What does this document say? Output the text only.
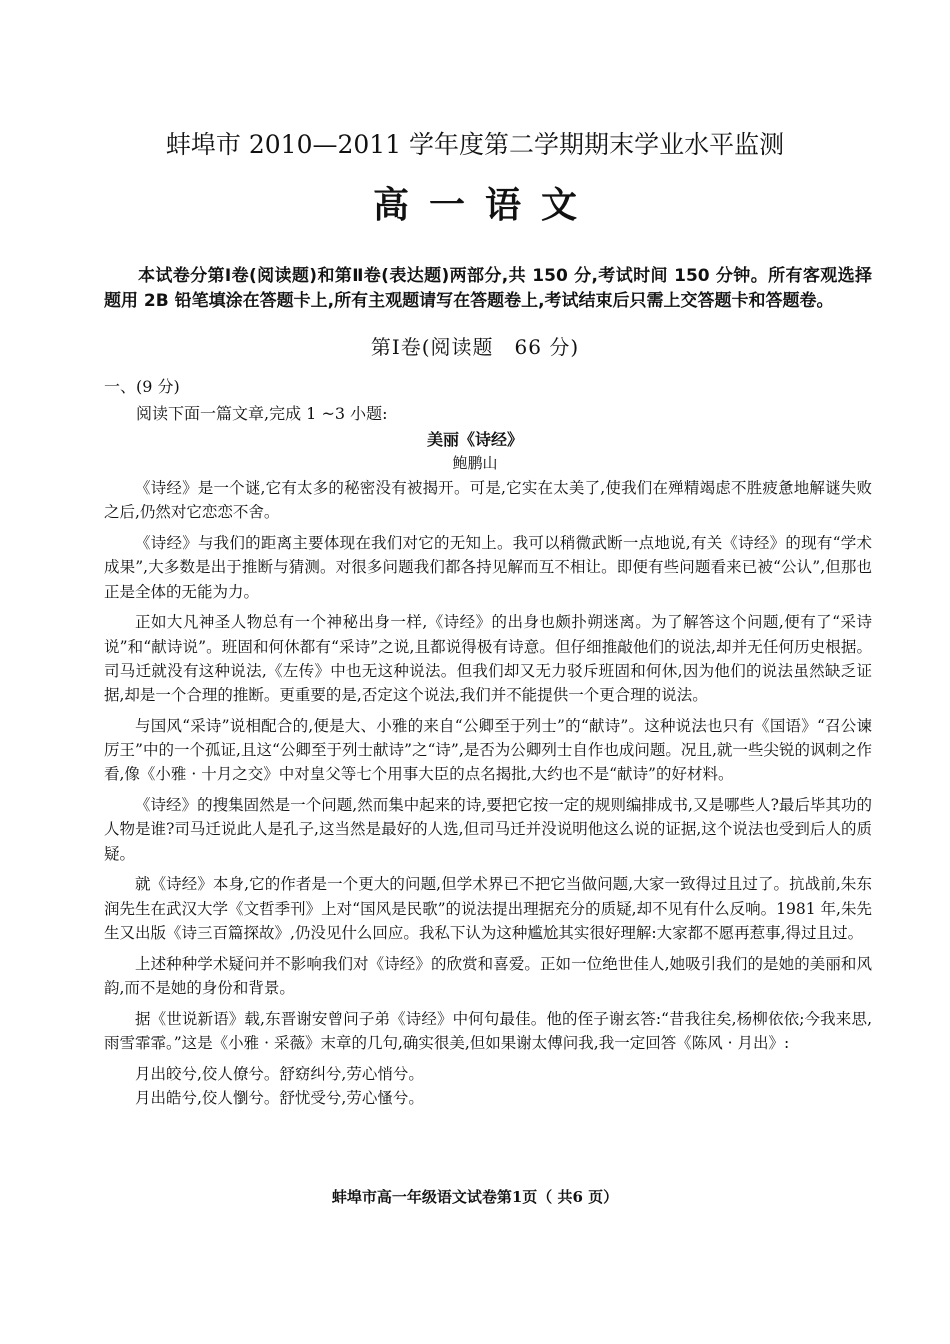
蚌埠市 2010—2011 学年度第二学期期末学业水平监测
高一语文

本试卷分第Ⅰ卷(阅读题)和第Ⅱ卷(表达题)两部分,共 150 分,考试时间 150 分钟。所有客观选择题用 2B 铅笔填涂在答题卡上,所有主观题请写在答题卷上,考试结束后只需上交答题卡和答题卷。

第Ⅰ卷(阅读题　66 分)

一、(9 分)

阅读下面一篇文章,完成 1 ~3 小题:

美丽《诗经》
鲍鹏山

《诗经》是一个谜,它有太多的秘密没有被揭开。可是,它实在太美了,使我们在殚精竭虑不胜疲惫地解谜失败之后,仍然对它恋恋不舍。

《诗经》与我们的距离主要体现在我们对它的无知上。我可以稍微武断一点地说,有关《诗经》的现有“学术成果”,大多数是出于推断与猜测。对很多问题我们都各持见解而互不相让。即便有些问题看来已被“公认”,但那也正是全体的无能为力。

正如大凡神圣人物总有一个神秘出身一样,《诗经》的出身也颇扑朔迷离。为了解答这个问题,便有了“采诗说”和“献诗说”。班固和何休都有“采诗”之说,且都说得极有诗意。但仔细推敲他们的说法,却并无任何历史根据。司马迁就没有这种说法,《左传》中也无这种说法。但我们却又无力驳斥班固和何休,因为他们的说法虽然缺乏证据,却是一个合理的推断。更重要的是,否定这个说法,我们并不能提供一个更合理的说法。

与国风“采诗”说相配合的,便是大、小雅的来自“公卿至于列士”的“献诗”。这种说法也只有《国语》“召公谏厉王”中的一个孤证,且这“公卿至于列士献诗”之“诗”,是否为公卿列士自作也成问题。况且,就一些尖锐的讽刺之作看,像《小雅 · 十月之交》中对皇父等七个用事大臣的点名揭批,大约也不是“献诗”的好材料。

《诗经》的搜集固然是一个问题,然而集中起来的诗,要把它按一定的规则编排成书,又是哪些人?最后毕其功的人物是谁?司马迁说此人是孔子,这当然是最好的人选,但司马迁并没说明他这么说的证据,这个说法也受到后人的质疑。

就《诗经》本身,它的作者是一个更大的问题,但学术界已不把它当做问题,大家一致得过且过了。抗战前,朱东润先生在武汉大学《文哲季刊》上对“国风是民歌”的说法提出理据充分的质疑,却不见有什么反响。1981 年,朱先生又出版《诗三百篇探故》,仍没见什么回应。我私下认为这种尴尬其实很好理解:大家都不愿再惹事,得过且过。

上述种种学术疑问并不影响我们对《诗经》的欣赏和喜爱。正如一位绝世佳人,她吸引我们的是她的美丽和风韵,而不是她的身份和背景。

据《世说新语》载,东晋谢安曾问子弟《诗经》中何句最佳。他的侄子谢玄答:“昔我往矣,杨柳依依;今我来思,雨雪霏霏。”这是《小雅 · 采薇》末章的几句,确实很美,但如果谢太傅问我,我一定回答《陈风 · 月出》:

月出皎兮,佼人僚兮。舒窈纠兮,劳心悄兮。

月出皓兮,佼人懰兮。舒忧受兮,劳心慅兮。

蚌埠市高一年级语文试卷第1页（ 共6 页）
